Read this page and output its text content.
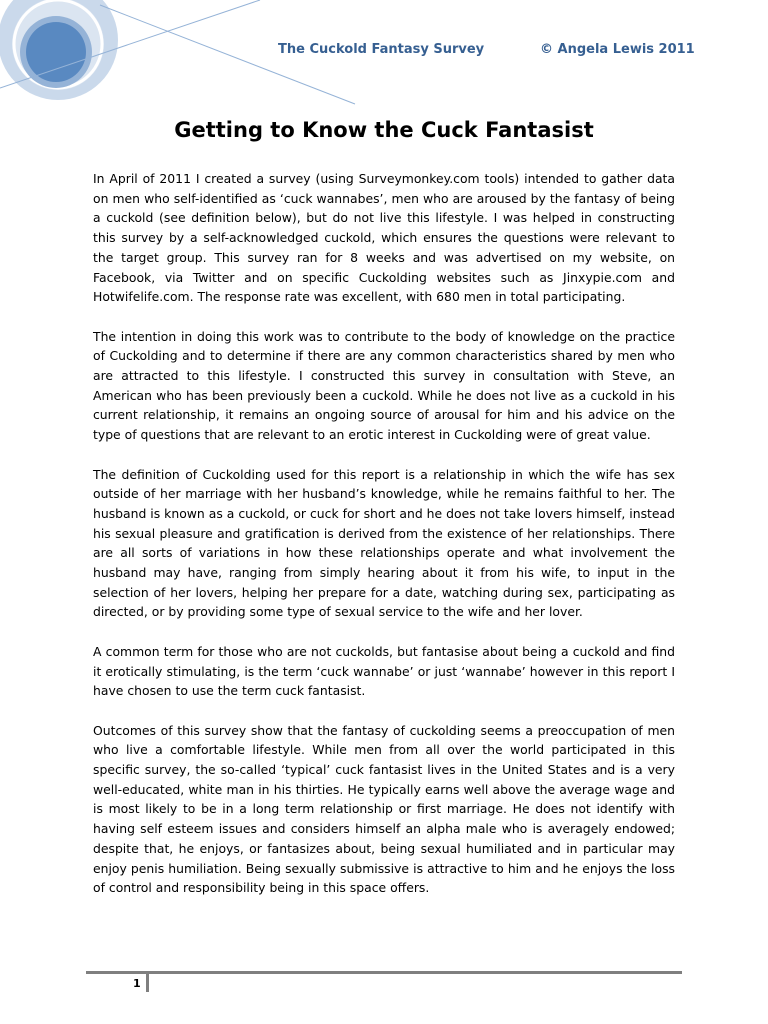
The Cuckold Fantasy Survey	© Angela Lewis 2011
Getting to Know the Cuck Fantasist

In April of 2011 I created a survey (using Surveymonkey.com tools) intended to gather data on men who self-identified as ‘cuck wannabes’, men who are aroused by the fantasy of being a cuckold (see definition below), but do not live this lifestyle. I was helped in constructing this survey by a self-acknowledged cuckold, which ensures the questions were relevant to the target group. This survey ran for 8 weeks and was advertised on my website, on Facebook, via Twitter and on specific Cuckolding websites such as Jinxypie.com and Hotwifelife.com. The response rate was excellent, with 680 men in total participating.

The intention in doing this work was to contribute to the body of knowledge on the practice of Cuckolding and to determine if there are any common characteristics shared by men who are attracted to this lifestyle. I constructed this survey in consultation with Steve, an American who has been previously been a cuckold. While he does not live as a cuckold in his current relationship, it remains an ongoing source of arousal for him and his advice on the type of questions that are relevant to an erotic interest in Cuckolding were of great value.

The definition of Cuckolding used for this report is a relationship in which the wife has sex outside of her marriage with her husband’s knowledge, while he remains faithful to her. The husband is known as a cuckold, or cuck for short and he does not take lovers himself, instead his sexual pleasure and gratification is derived from the existence of her relationships. There are all sorts of variations in how these relationships operate and what involvement the husband may have, ranging from simply hearing about it from his wife, to input in the selection of her lovers, helping her prepare for a date, watching during sex, participating as directed, or by providing some type of sexual service to the wife and her lover.

A common term for those who are not cuckolds, but fantasise about being a cuckold and find it erotically stimulating, is the term ‘cuck wannabe’ or just ‘wannabe’ however in this report I have chosen to use the term cuck fantasist.

Outcomes of this survey show that the fantasy of cuckolding seems a preoccupation of men who live a comfortable lifestyle. While men from all over the world participated in this specific survey, the so-called ‘typical’ cuck fantasist lives in the United States and is a very well-educated, white man in his thirties. He typically earns well above the average wage and is most likely to be in a long term relationship or first marriage. He does not identify with having self esteem issues and considers himself an alpha male who is averagely endowed; despite that, he enjoys, or fantasizes about, being sexual humiliated and in particular may enjoy penis humiliation. Being sexually submissive is attractive to him and he enjoys the loss of control and responsibility being in this space offers.

1
